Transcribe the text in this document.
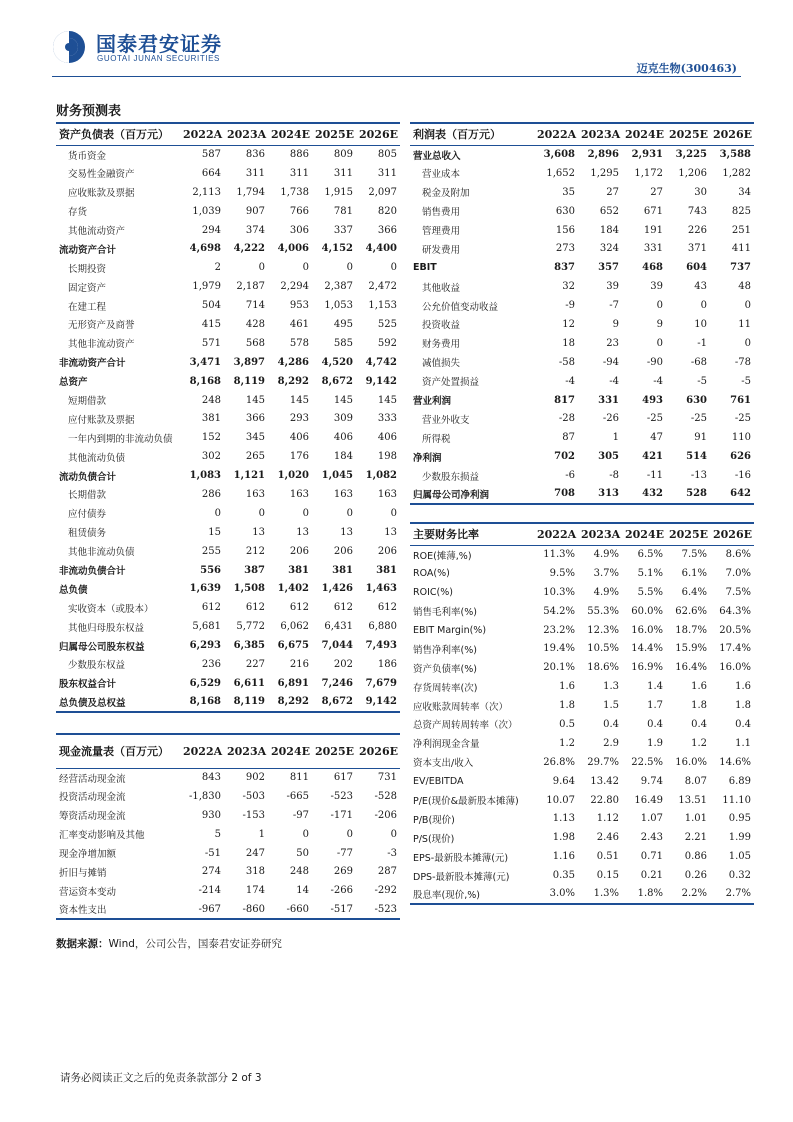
国泰君安证券
GUOTAI JUNAN SECURITIES
迈克生物(300463)
财务预测表
资产负债表（百万元）	2022A	2023A	2024E	2025E	2026E
货币资金	587	836	886	809	805
交易性金融资产	664	311	311	311	311
应收账款及票据	2,113	1,794	1,738	1,915	2,097
存货	1,039	907	766	781	820
其他流动资产	294	374	306	337	366
流动资产合计	4,698	4,222	4,006	4,152	4,400
长期投资	2	0	0	0	0
固定资产	1,979	2,187	2,294	2,387	2,472
在建工程	504	714	953	1,053	1,153
无形资产及商誉	415	428	461	495	525
其他非流动资产	571	568	578	585	592
非流动资产合计	3,471	3,897	4,286	4,520	4,742
总资产	8,168	8,119	8,292	8,672	9,142
短期借款	248	145	145	145	145
应付账款及票据	381	366	293	309	333
一年内到期的非流动负债	152	345	406	406	406
其他流动负债	302	265	176	184	198
流动负债合计	1,083	1,121	1,020	1,045	1,082
长期借款	286	163	163	163	163
应付债券	0	0	0	0	0
租赁债务	15	13	13	13	13
其他非流动负债	255	212	206	206	206
非流动负债合计	556	387	381	381	381
总负债	1,639	1,508	1,402	1,426	1,463
实收资本（或股本）	612	612	612	612	612
其他归母股东权益	5,681	5,772	6,062	6,431	6,880
归属母公司股东权益	6,293	6,385	6,675	7,044	7,493
少数股东权益	236	227	216	202	186
股东权益合计	6,529	6,611	6,891	7,246	7,679
总负债及总权益	8,168	8,119	8,292	8,672	9,142
利润表（百万元）	2022A	2023A	2024E	2025E	2026E
营业总收入	3,608	2,896	2,931	3,225	3,588
营业成本	1,652	1,295	1,172	1,206	1,282
税金及附加	35	27	27	30	34
销售费用	630	652	671	743	825
管理费用	156	184	191	226	251
研发费用	273	324	331	371	411
EBIT	837	357	468	604	737
其他收益	32	39	39	43	48
公允价值变动收益	-9	-7	0	0	0
投资收益	12	9	9	10	11
财务费用	18	23	0	-1	0
减值损失	-58	-94	-90	-68	-78
资产处置损益	-4	-4	-4	-5	-5
营业利润	817	331	493	630	761
营业外收支	-28	-26	-25	-25	-25
所得税	87	1	47	91	110
净利润	702	305	421	514	626
少数股东损益	-6	-8	-11	-13	-16
归属母公司净利润	708	313	432	528	642
主要财务比率	2022A	2023A	2024E	2025E	2026E
ROE(摊薄,%)	11.3%	4.9%	6.5%	7.5%	8.6%
ROA(%)	9.5%	3.7%	5.1%	6.1%	7.0%
ROIC(%)	10.3%	4.9%	5.5%	6.4%	7.5%
销售毛利率(%)	54.2%	55.3%	60.0%	62.6%	64.3%
EBIT Margin(%)	23.2%	12.3%	16.0%	18.7%	20.5%
销售净利率(%)	19.4%	10.5%	14.4%	15.9%	17.4%
资产负债率(%)	20.1%	18.6%	16.9%	16.4%	16.0%
存货周转率(次)	1.6	1.3	1.4	1.6	1.6
应收账款周转率（次）	1.8	1.5	1.7	1.8	1.8
总资产周转周转率（次）	0.5	0.4	0.4	0.4	0.4
净利润现金含量	1.2	2.9	1.9	1.2	1.1
资本支出/收入	26.8%	29.7%	22.5%	16.0%	14.6%
EV/EBITDA	9.64	13.42	9.74	8.07	6.89
P/E(现价&最新股本摊薄)	10.07	22.80	16.49	13.51	11.10
P/B(现价)	1.13	1.12	1.07	1.01	0.95
P/S(现价)	1.98	2.46	2.43	2.21	1.99
EPS-最新股本摊薄(元)	1.16	0.51	0.71	0.86	1.05
DPS-最新股本摊薄(元)	0.35	0.15	0.21	0.26	0.32
股息率(现价,%)	3.0%	1.3%	1.8%	2.2%	2.7%
现金流量表（百万元）	2022A	2023A	2024E	2025E	2026E
经营活动现金流	843	902	811	617	731
投资活动现金流	-1,830	-503	-665	-523	-528
筹资活动现金流	930	-153	-97	-171	-206
汇率变动影响及其他	5	1	0	0	0
现金净增加额	-51	247	50	-77	-3
折旧与摊销	274	318	248	269	287
营运资本变动	-214	174	14	-266	-292
资本性支出	-967	-860	-660	-517	-523
数据来源：Wind，公司公告，国泰君安证券研究
请务必阅读正文之后的免责条款部分 2 of 3
